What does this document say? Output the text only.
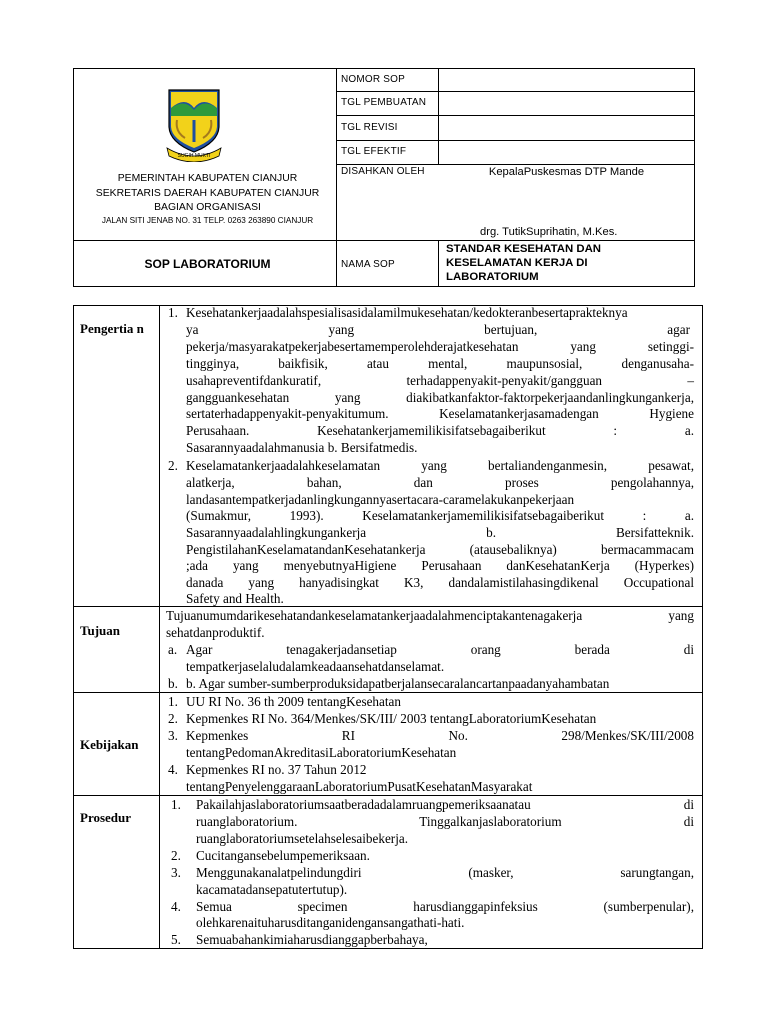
SUGIH MUKTI
PEMERINTAH KABUPATEN CIANJUR
SEKRETARIS DAERAH KABUPATEN CIANJUR
BAGIAN ORGANISASI
JALAN SITI JENAB NO. 31 TELP. 0263 263890 CIANJUR
NOMOR SOP
TGL PEMBUATAN
TGL REVISI
TGL EFEKTIF
DISAHKAN OLEH
NAMA SOP
KepalaPuskesmas DTP Mande
drg. TutikSuprihatin, M.Kes.
SOP LABORATORIUM
STANDAR KESEHATAN DAN
KESELAMATAN KERJA DI
LABORATORIUM
Pengertia n
Tujuan
Kebijakan
Prosedur
1. Kesehatankerjaadalahspesialisasidalamilmukesehatan/kedokteranbesertaprakteknya
ya yang bertujuan, agar
pekerja/masyarakatpekerjabesertamemperolehderajatkesehatan yang setinggi-
tingginya, baikfisik, atau mental, maupunsosial, denganusaha-
usahapreventifdankuratif, terhadappenyakit-penyakit/gangguan –
gangguankesehatan yang diakibatkanfaktor-faktorpekerjaandanlingkungankerja,
sertaterhadappenyakit-penyakitumum. Keselamatankerjasamadengan Hygiene
Perusahaan. Kesehatankerjamemilikisifatsebagaiberikut : a.
Sasarannyaadalahmanusia b. Bersifatmedis.
2. Keselamatankerjaadalahkeselamatan yang bertaliandenganmesin, pesawat,
alatkerja, bahan, dan proses pengolahannya,
landasantempatkerjadanlingkungannyasertacara-caramelakukanpekerjaan
(Sumakmur, 1993). Keselamatankerjamemilikisifatsebagaiberikut : a.
Sasarannyaadalahlingkungankerja b. Bersifatteknik.
PengistilahanKeselamatandanKesehatankerja (atausebaliknya) bermacammacam
;ada yang menyebutnyaHigiene Perusahaan danKesehatanKerja (Hyperkes)
danada yang hanyadisingkat K3, dandalamistilahasingdikenal Occupational
Safety and Health.
Tujuanumumdarikesehatandankeselamatankerjaadalahmenciptakantenagakerja yang
sehatdanproduktif.
a. Agar tenagakerjadansetiap orang berada di
tempatkerjaselaludalamkeadaansehatdanselamat.
b. b. Agar sumber-sumberproduksidapatberjalansecaralancartanpaadanyahambatan
1. UU RI No. 36 th 2009 tentangKesehatan
2. Kepmenkes RI No. 364/Menkes/SK/III/ 2003 tentangLaboratoriumKesehatan
3. Kepmenkes RI No. 298/Menkes/SK/III/2008
tentangPedomanAkreditasiLaboratoriumKesehatan
4. Kepmenkes RI no. 37 Tahun 2012
tentangPenyelenggaraanLaboratoriumPusatKesehatanMasyarakat
1. Pakailahjaslaboratoriumsaatberadadalamruangpemeriksaanatau di
ruanglaboratorium. Tinggalkanjaslaboratorium di
ruanglaboratoriumsetelahselesaibekerja.
2. Cucitangansebelumpemeriksaan.
3. Menggunakanalatpelindungdiri (masker, sarungtangan,
kacamatadansepatutertutup).
4. Semua specimen harusdianggapinfeksius (sumberpenular),
olehkarenaituharusditanganidengansangathati-hati.
5. Semuabahankimiaharusdianggapberbahaya,
